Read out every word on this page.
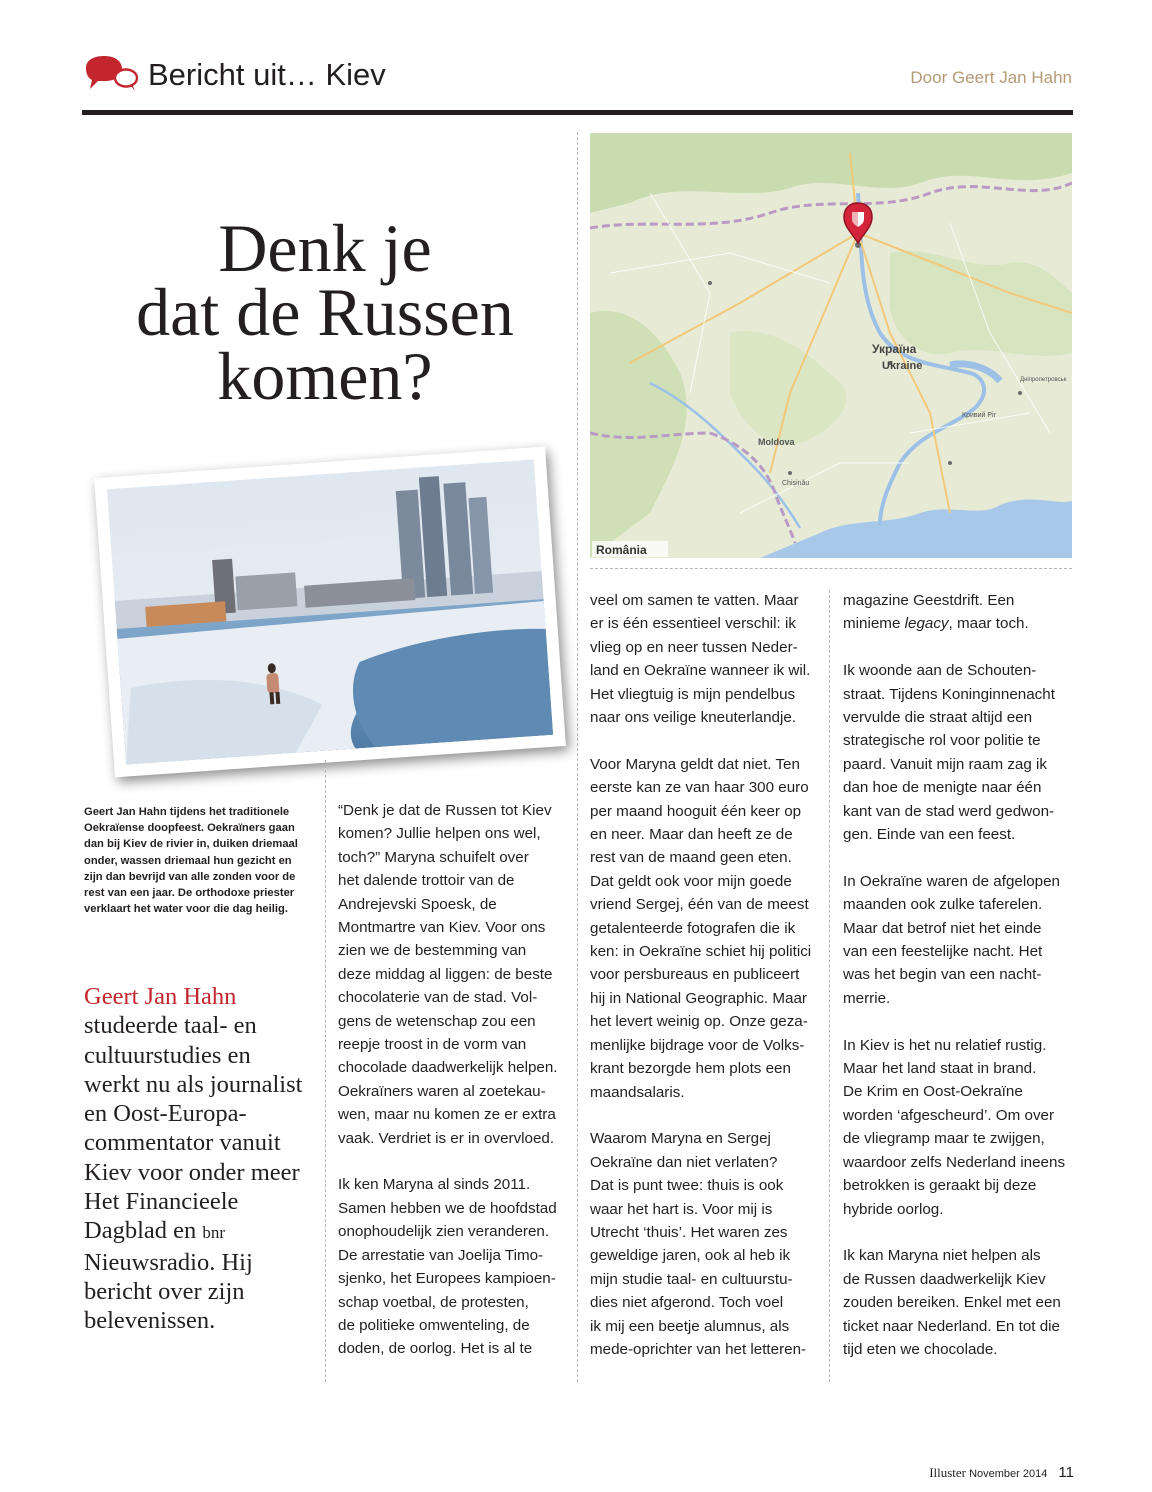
Bericht uit… Kiev	Door Geert Jan Hahn
Denk je
dat de Russen
komen?
Geert Jan Hahn tijdens het traditionele Oekraïense doopfeest. Oekraïners gaan dan bij Kiev de rivier in, duiken driemaal onder, wassen driemaal hun gezicht en zijn dan bevrijd van alle zonden voor de rest van een jaar. De orthodoxe priester verklaart het water voor die dag heilig.
Geert Jan Hahn
studeerde taal- en
cultuurstudies en
werkt nu als journalist
en Oost-Europa-
commentator vanuit
Kiev voor onder meer
Het Financieele
Dagblad en bnr
Nieuwsradio. Hij
bericht over zijn
belevenissen.
Україна
Ukraine
Moldova
Chișinău
Кривий Ріг
Дніпропетровськ
România

“Denk je dat de Russen tot Kiev

komen? Jullie helpen ons wel,

toch?” Maryna schuifelt over

het dalende trottoir van de

Andrejevski Spoesk, de

Montmartre van Kiev. Voor ons

zien we de bestemming van

deze middag al liggen: de beste

chocolaterie van de stad. Vol-

gens de wetenschap zou een

reepje troost in de vorm van

chocolade daadwerkelijk helpen.

Oekraïners waren al zoetekau-

wen, maar nu komen ze er extra

vaak. Verdriet is er in overvloed.

Ik ken Maryna al sinds 2011.

Samen hebben we de hoofdstad

onophoudelijk zien veranderen.

De arrestatie van Joelija Timo-

sjenko, het Europees kampioen-

schap voetbal, de protesten,

de politieke omwenteling, de

doden, de oorlog. Het is al te

veel om samen te vatten. Maar

er is één essentieel verschil: ik

vlieg op en neer tussen Neder-

land en Oekraïne wanneer ik wil.

Het vliegtuig is mijn pendelbus

naar ons veilige kneuterlandje.

Voor Maryna geldt dat niet. Ten

eerste kan ze van haar 300 euro

per maand hooguit één keer op

en neer. Maar dan heeft ze de

rest van de maand geen eten.

Dat geldt ook voor mijn goede

vriend Sergej, één van de meest

getalenteerde fotografen die ik

ken: in Oekraïne schiet hij politici

voor persbureaus en publiceert

hij in National Geographic. Maar

het levert weinig op. Onze geza-

menlijke bijdrage voor de Volks-

krant bezorgde hem plots een

maandsalaris.

Waarom Maryna en Sergej

Oekraïne dan niet verlaten?

Dat is punt twee: thuis is ook

waar het hart is. Voor mij is

Utrecht ‘thuis’. Het waren zes

geweldige jaren, ook al heb ik

mijn studie taal- en cultuurstu-

dies niet afgerond. Toch voel

ik mij een beetje alumnus, als

mede-oprichter van het letteren-

magazine Geestdrift. Een

minieme legacy, maar toch.

Ik woonde aan de Schouten-

straat. Tijdens Koninginnenacht

vervulde die straat altijd een

strategische rol voor politie te

paard. Vanuit mijn raam zag ik

dan hoe de menigte naar één

kant van de stad werd gedwon-

gen. Einde van een feest.

In Oekraïne waren de afgelopen

maanden ook zulke taferelen.

Maar dat betrof niet het einde

van een feestelijke nacht. Het

was het begin van een nacht-

merrie.

In Kiev is het nu relatief rustig.

Maar het land staat in brand.

De Krim en Oost-Oekraïne

worden ‘afgescheurd’. Om over

de vliegramp maar te zwijgen,

waardoor zelfs Nederland ineens

betrokken is geraakt bij deze

hybride oorlog.

Ik kan Maryna niet helpen als

de Russen daadwerkelijk Kiev

zouden bereiken. Enkel met een

ticket naar Nederland. En tot die

tijd eten we chocolade.

Illuster November 2014 11
